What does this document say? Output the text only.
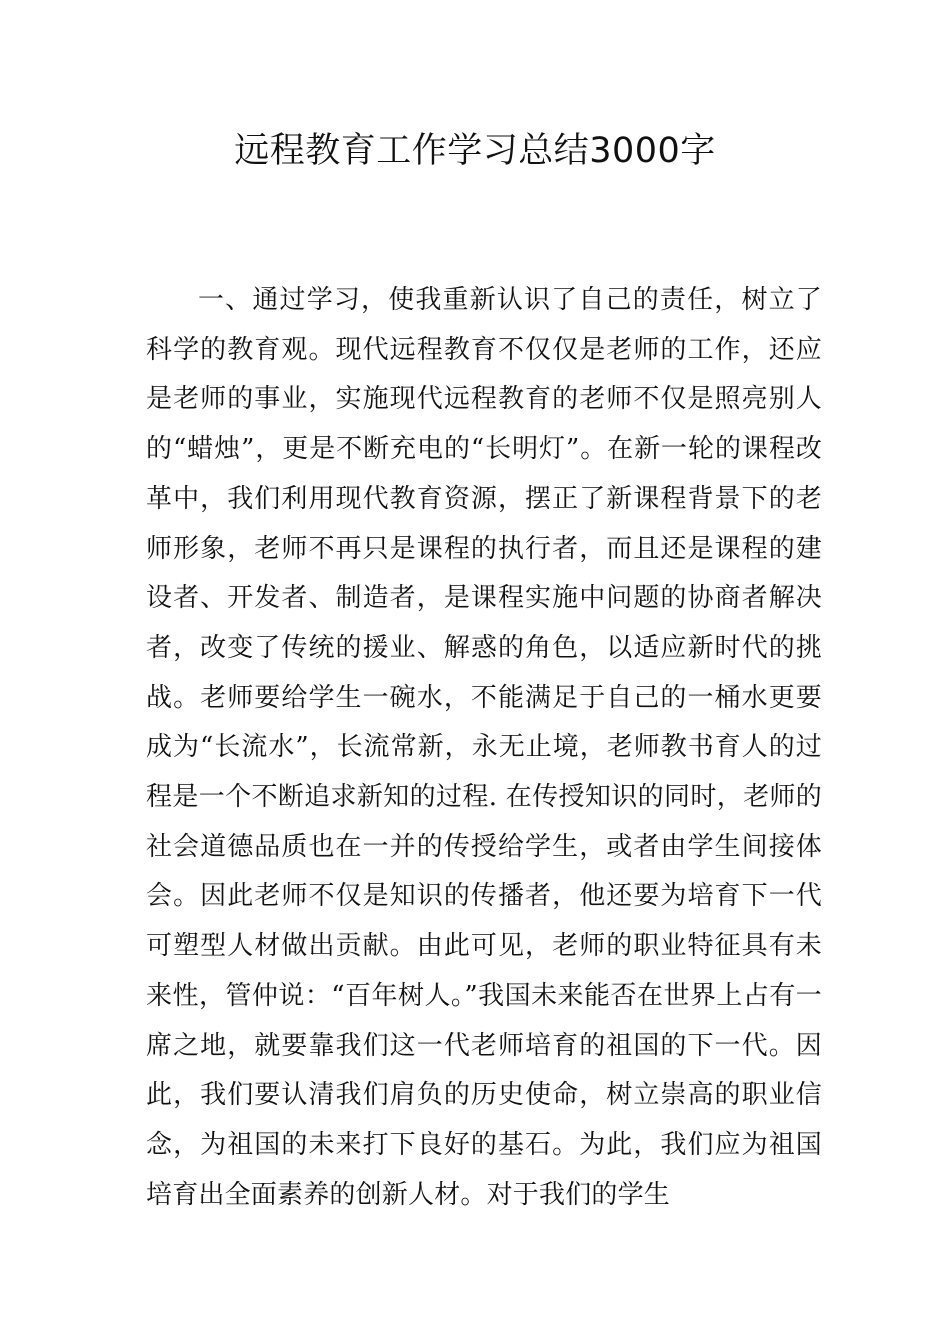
远程教育工作学习总结3000字

一、通过学习，使我重新认识了自己的责任，树立了科学的教育观。现代远程教育不仅仅是老师的工作，还应是老师的事业，实施现代远程教育的老师不仅是照亮别人的“蜡烛”，更是不断充电的“长明灯”。在新一轮的课程改革中，我们利用现代教育资源，摆正了新课程背景下的老师形象，老师不再只是课程的执行者，而且还是课程的建设者、开发者、制造者，是课程实施中问题的协商者解决者，改变了传统的援业、解惑的角色，以适应新时代的挑战。老师要给学生一碗水，不能满足于自己的一桶水更要成为“长流水”，长流常新，永无止境，老师教书育人的过程是一个不断追求新知的过程. 在传授知识的同时，老师的社会道德品质也在一并的传授给学生，或者由学生间接体会。因此老师不仅是知识的传播者，他还要为培育下一代可塑型人材做出贡献。由此可见，老师的职业特征具有未来性，管仲说：“百年树人。”我国未来能否在世界上占有一席之地，就要靠我们这一代老师培育的祖国的下一代。因此，我们要认清我们肩负的历史使命，树立崇高的职业信念，为祖国的未来打下良好的基石。为此，我们应为祖国培育出全面素养的创新人材。对于我们的学生
